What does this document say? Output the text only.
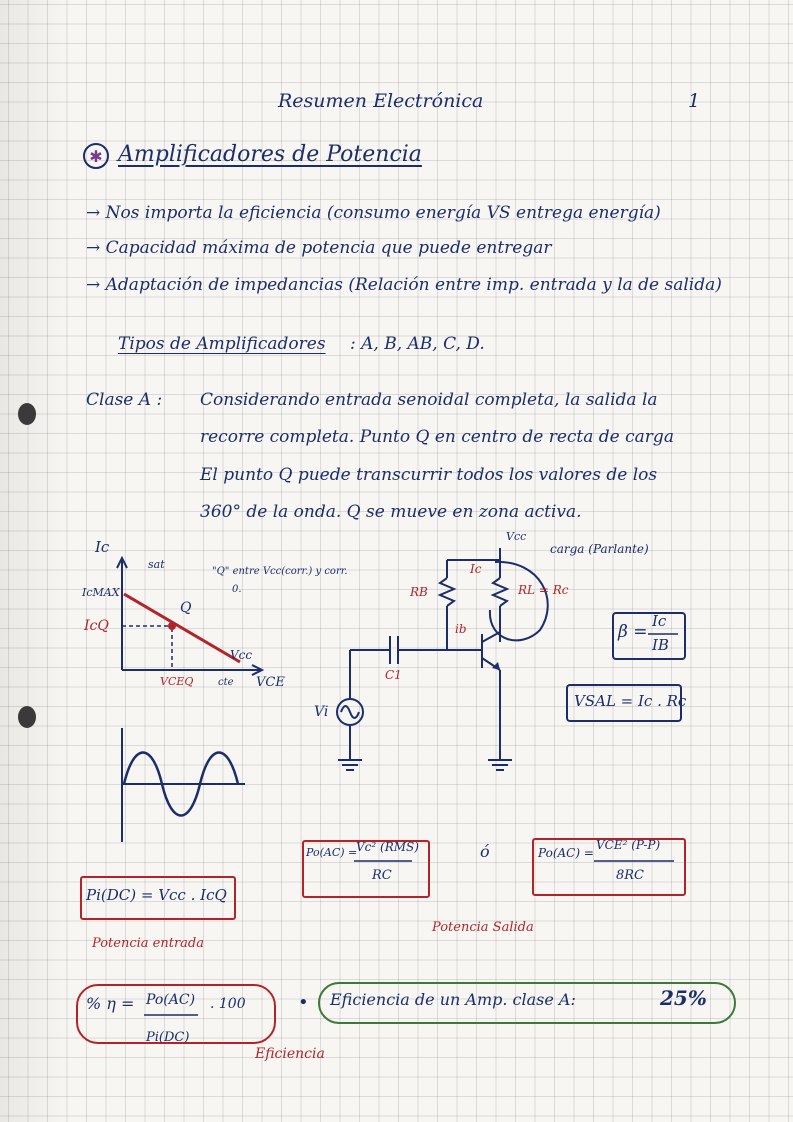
Resumen Electrónica	1
✱ Amplificadores de Potencia
→ Nos importa la eficiencia (consumo energía VS entrega energía)
→ Capacidad máxima de potencia que puede entregar
→ Adaptación de impedancias (Relación entre imp. entrada y la de salida)
Tipos de Amplificadores : A, B, AB, C, D.
Clase A : Considerando entrada senoidal completa, la salida la
recorre completa. Punto Q en centro de recta de carga
El punto Q puede transcurrir todos los valores de los
360° de la onda. Q se mueve en zona activa.
Ic
sat
IcMAX
IcQ
Q
Vcc
VCEQ cte VCE
"Q" entre Vcc(corr.) y corr.
0.
Vcc
carga (Parlante)
RB	RL = Rc
Ic
ib
C1
Vi
β =
Ic
IB
VSAL = Ic . Rc
Po(AC) =
Vc² (RMS)
RC
ó	Po(AC) =
VCE² (P-P)
8RC
Pi(DC) = Vcc . IcQ
Potencia entrada
Potencia Salida
% η = Po(AC)
Pi(DC)
. 100
Eficiencia
• Eficiencia de un Amp. clase A:	25%
